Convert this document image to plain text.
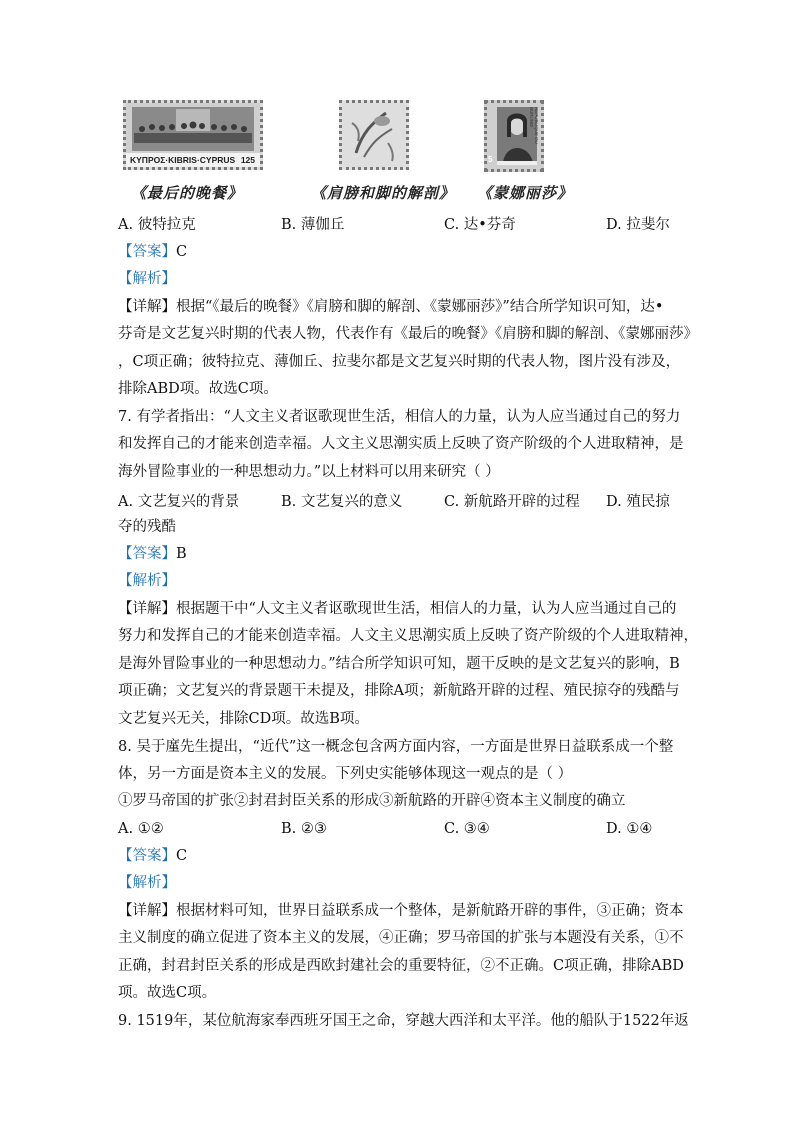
ΚΥΠΡΟΣ·KIBRIS·CYPRUS 125	5
REPUBLIQUE DU BURUNDI
《最后的晚餐》	《肩膀和脚的解剖》 《蒙娜丽莎》
A. 彼特拉克	B. 薄伽丘	C. 达•芬奇	D. 拉斐尔
【答案】C
【解析】
【详解】根据“《最后的晚餐》《肩膀和脚的解剖、《蒙娜丽莎》”结合所学知识可知，达•
芬奇是文艺复兴时期的代表人物，代表作有《最后的晚餐》《肩膀和脚的解剖、《蒙娜丽莎》
，C项正确；彼特拉克、薄伽丘、拉斐尔都是文艺复兴时期的代表人物，图片没有涉及，
排除ABD项。故选C项。
7. 有学者指出：“人文主义者讴歌现世生活，相信人的力量，认为人应当通过自己的努力
和发挥自己的才能来创造幸福。人文主义思潮实质上反映了资产阶级的个人进取精神，是
海外冒险事业的一种思想动力。”以上材料可以用来研究（ ）
A. 文艺复兴的背景	B. 文艺复兴的意义	C. 新航路开辟的过程 D. 殖民掠
夺的残酷
【答案】B
【解析】
【详解】根据题干中“人文主义者讴歌现世生活，相信人的力量，认为人应当通过自己的
努力和发挥自己的才能来创造幸福。人文主义思潮实质上反映了资产阶级的个人进取精神，
是海外冒险事业的一种思想动力。”结合所学知识可知，题干反映的是文艺复兴的影响，B
项正确；文艺复兴的背景题干未提及，排除A项；新航路开辟的过程、殖民掠夺的残酷与
文艺复兴无关，排除CD项。故选B项。
8. 吴于廑先生提出，“近代”这一概念包含两方面内容，一方面是世界日益联系成一个整
体，另一方面是资本主义的发展。下列史实能够体现这一观点的是（ ）
①罗马帝国的扩张②封君封臣关系的形成③新航路的开辟④资本主义制度的确立
A. ①②	B. ②③	C. ③④	D. ①④
【答案】C
【解析】
【详解】根据材料可知，世界日益联系成一个整体，是新航路开辟的事件，③正确；资本
主义制度的确立促进了资本主义的发展，④正确；罗马帝国的扩张与本题没有关系，①不
正确，封君封臣关系的形成是西欧封建社会的重要特征，②不正确。C项正确，排除ABD
项。故选C项。
9. 1519年，某位航海家奉西班牙国王之命，穿越大西洋和太平洋。他的船队于1522年返
